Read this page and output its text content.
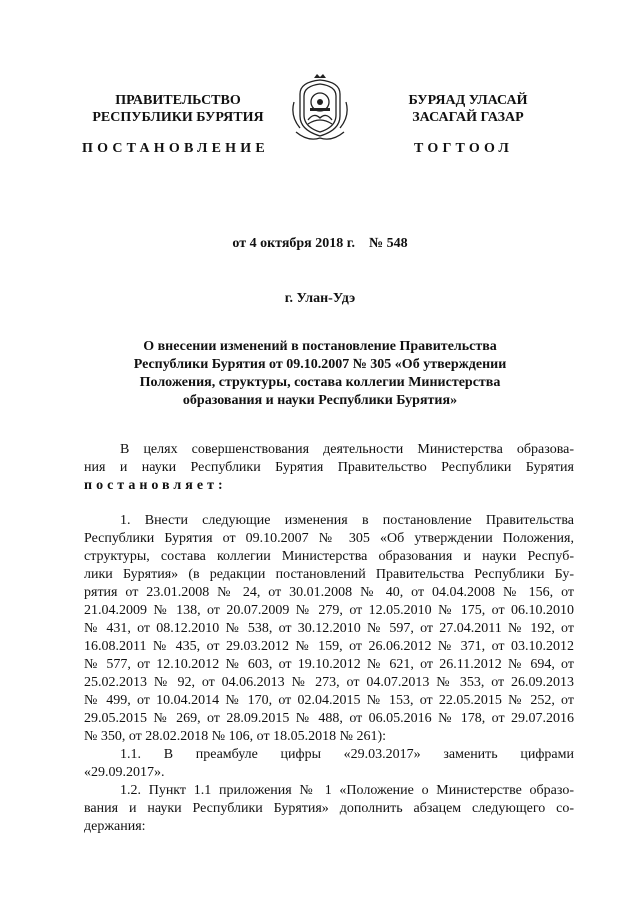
ПРАВИТЕЛЬСТВО
РЕСПУБЛИКИ БУРЯТИЯ
ПОСТАНОВЛЕНИЕ
БУРЯАД УЛАСАЙ
ЗАСАГАЙ ГАЗАР
ТОГТООЛ
от 4 октября 2018 г.    № 548
г. Улан-Удэ
О внесении изменений в постановление Правительства
Республики Бурятия от 09.10.2007 № 305 «Об утверждении
Положения, структуры, состава коллегии Министерства
образования и науки Республики Бурятия»
В целях совершенствования деятельности Министерства образова-
ния и науки Республики Бурятия Правительство Республики Бурятия
постановляет:
1. Внести следующие изменения в постановление Правительства
Республики Бурятия от 09.10.2007 № 305 «Об утверждении Положения,
структуры, состава коллегии Министерства образования и науки Респуб-
лики Бурятия» (в редакции постановлений Правительства Республики Бу-
рятия от 23.01.2008 № 24, от 30.01.2008 № 40, от 04.04.2008 № 156, от
21.04.2009 № 138, от 20.07.2009 № 279, от 12.05.2010 № 175, от 06.10.2010
№ 431, от 08.12.2010 № 538, от 30.12.2010 № 597, от 27.04.2011 № 192, от
16.08.2011 № 435, от 29.03.2012 № 159, от 26.06.2012 № 371, от 03.10.2012
№ 577, от 12.10.2012 № 603, от 19.10.2012 № 621, от 26.11.2012 № 694, от
25.02.2013 № 92, от 04.06.2013 № 273, от 04.07.2013 № 353, от 26.09.2013
№ 499, от 10.04.2014 № 170, от 02.04.2015 № 153, от 22.05.2015 № 252, от
29.05.2015 № 269, от 28.09.2015 № 488, от 06.05.2016 № 178, от 29.07.2016
№ 350, от 28.02.2018 № 106, от 18.05.2018 № 261):
1.1. В преамбуле цифры «29.03.2017» заменить цифрами
«29.09.2017».
1.2. Пункт 1.1 приложения № 1 «Положение о Министерстве образо-
вания и науки Республики Бурятия» дополнить абзацем следующего со-
держания:
